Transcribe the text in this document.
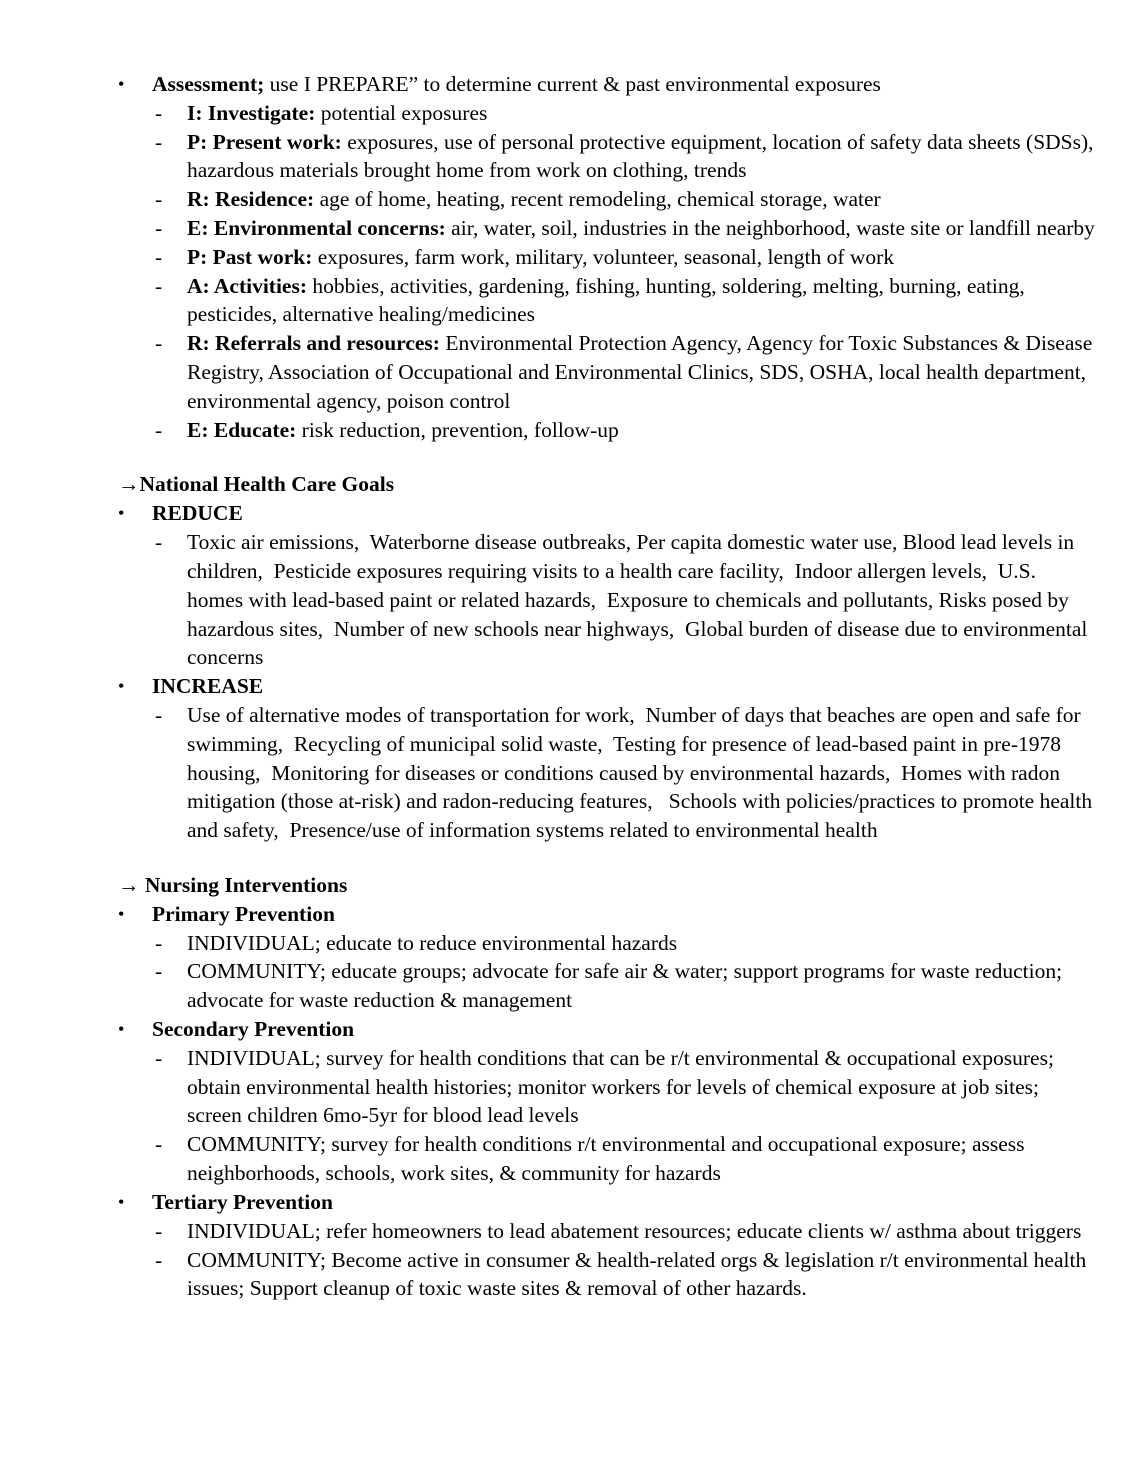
•	Assessment; use I PREPARE” to determine current & past environmental exposures
-	I: Investigate: potential exposures
-	P: Present work: exposures, use of personal protective equipment, location of safety data sheets (SDSs), hazardous materials brought home from work on clothing, trends
-	R: Residence: age of home, heating, recent remodeling, chemical storage, water
-	E: Environmental concerns: air, water, soil, industries in the neighborhood, waste site or landfill nearby
-	P: Past work: exposures, farm work, military, volunteer, seasonal, length of work
-	A: Activities: hobbies, activities, gardening, fishing, hunting, soldering, melting, burning, eating, pesticides, alternative healing/medicines
-	R: Referrals and resources: Environmental Protection Agency, Agency for Toxic Substances & Disease Registry, Association of Occupational and Environmental Clinics, SDS, OSHA, local health department, environmental agency, poison control
-	E: Educate: risk reduction, prevention, follow-up
→ National Health Care Goals
•	REDUCE
-	Toxic air emissions,  Waterborne disease outbreaks, Per capita domestic water use, Blood lead levels in children,  Pesticide exposures requiring visits to a health care facility,  Indoor allergen levels,  U.S. homes with lead-based paint or related hazards,  Exposure to chemicals and pollutants, Risks posed by hazardous sites,  Number of new schools near highways,  Global burden of disease due to environmental concerns
•	INCREASE
-	Use of alternative modes of transportation for work,  Number of days that beaches are open and safe for swimming,  Recycling of municipal solid waste,  Testing for presence of lead-based paint in pre-1978 housing,  Monitoring for diseases or conditions caused by environmental hazards,  Homes with radon mitigation (those at-risk) and radon-reducing features,   Schools with policies/practices to promote health and safety,  Presence/use of information systems related to environmental health
→ Nursing Interventions
•	Primary Prevention
-	INDIVIDUAL; educate to reduce environmental hazards
-	COMMUNITY; educate groups; advocate for safe air & water; support programs for waste reduction; advocate for waste reduction & management
•	Secondary Prevention
-	INDIVIDUAL; survey for health conditions that can be r/t environmental & occupational exposures; obtain environmental health histories; monitor workers for levels of chemical exposure at job sites; screen children 6mo-5yr for blood lead levels
-	COMMUNITY; survey for health conditions r/t environmental and occupational exposure; assess neighborhoods, schools, work sites, & community for hazards
•	Tertiary Prevention
-	INDIVIDUAL; refer homeowners to lead abatement resources; educate clients w/ asthma about triggers
-	COMMUNITY; Become active in consumer & health-related orgs & legislation r/t environmental health issues; Support cleanup of toxic waste sites & removal of other hazards.
